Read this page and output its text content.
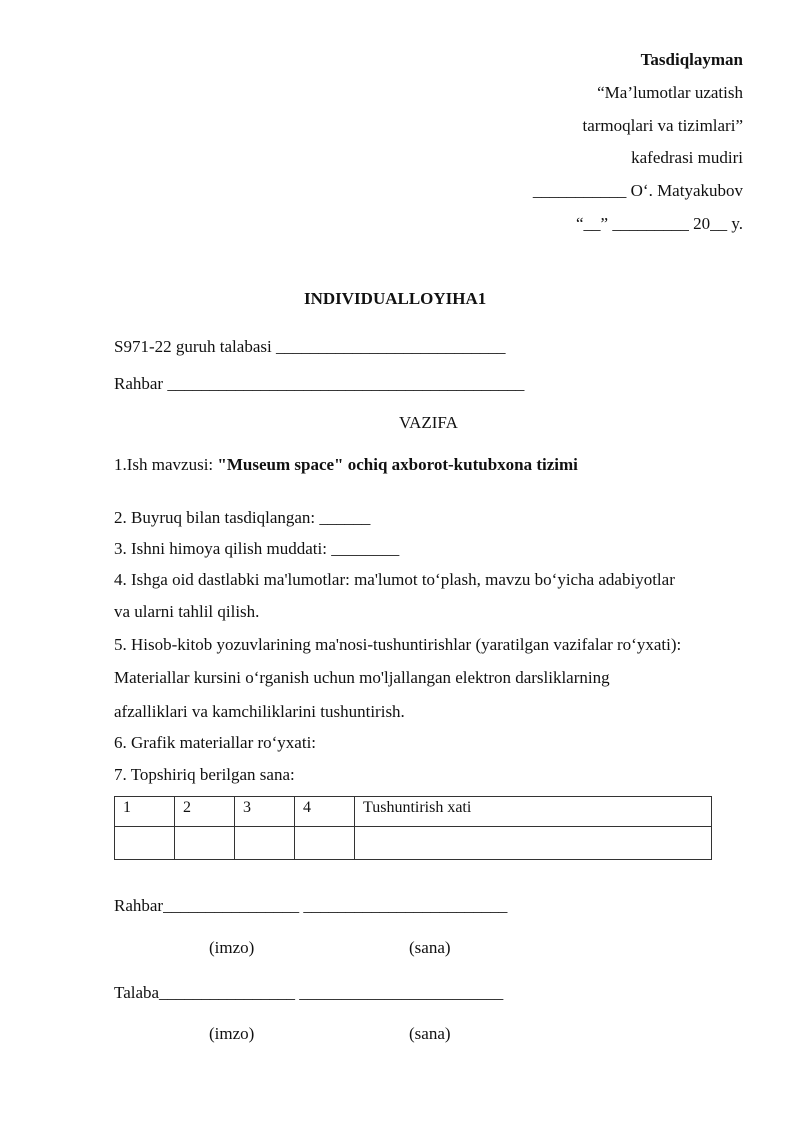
Tasdiqlayman
“Ma’lumotlar uzatish
tarmoqlari va tizimlari”
kafedrasi mudiri
___________ O‘. Matyakubov
“__” _________ 20__ y.
INDIVIDUALLOYIHA1
S971-22 guruh talabasi ___________________________
Rahbar __________________________________________
VAZIFA
1.Ish mavzusi: "Museum space" ochiq axborot-kutubxona tizimi
2. Buyruq bilan tasdiqlangan: ______
3. Ishni himoya qilish muddati: ________
4. Ishga oid dastlabki ma'lumotlar: ma'lumot to‘plash, mavzu bo‘yicha adabiyotlar
va ularni tahlil qilish.
5. Hisob-kitob yozuvlarining ma'nosi-tushuntirishlar (yaratilgan vazifalar ro‘yxati):
Materiallar kursini o‘rganish uchun mo'ljallangan elektron darsliklarning
afzalliklari va kamchiliklarini tushuntirish.
6. Grafik materiallar ro‘yxati:
7. Topshiriq berilgan sana:
1	2	3	4	Tushuntirish xati

Rahbar________________ ________________________
(imzo)	(sana)
Talaba________________ ________________________
(imzo)	(sana)
